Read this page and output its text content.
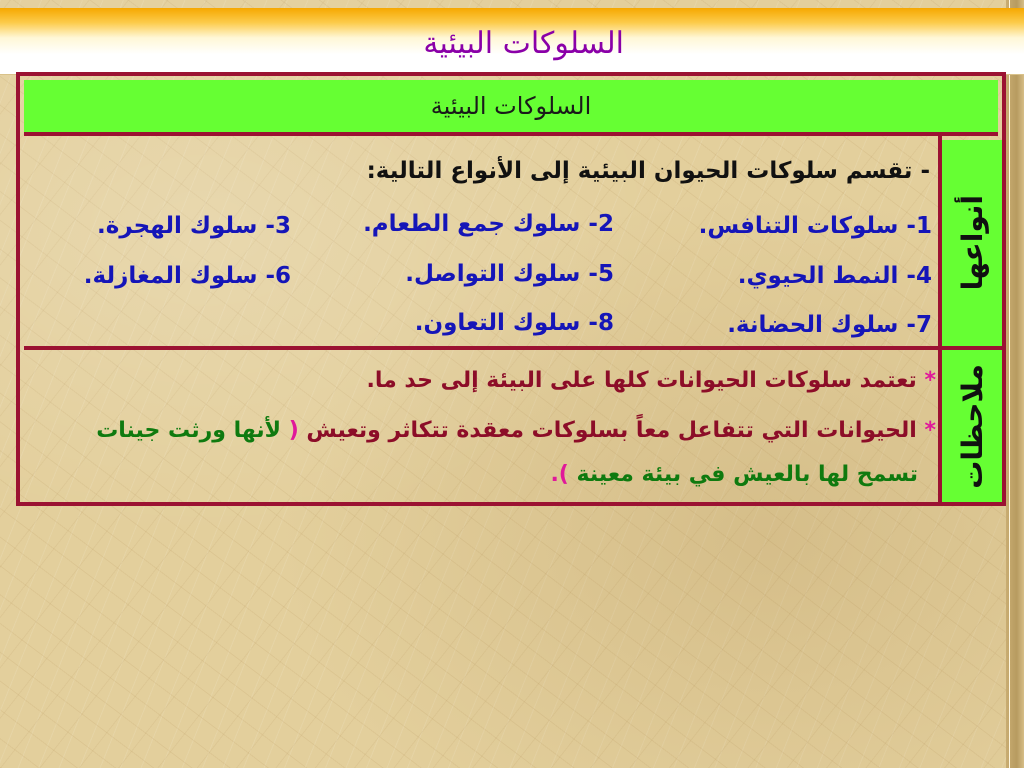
السلوكات البيئية
السلوكات البيئية
أنواعها
ملاحظات
- تقسم سلوكات الحيوان البيئية إلى الأنواع التالية:
1- سلوكات التنافس.
2- سلوك جمع الطعام.
3- سلوك الهجرة.
4- النمط الحيوي.
5- سلوك التواصل.
6- سلوك المغازلة.
7- سلوك الحضانة.
8- سلوك التعاون.
* تعتمد سلوكات الحيوانات كلها على البيئة إلى حد ما.
* الحيوانات التي تتفاعل معاً بسلوكات معقدة تتكاثر وتعيش ( لأنها ورثت جينات
تسمح لها بالعيش في بيئة معينة ).
